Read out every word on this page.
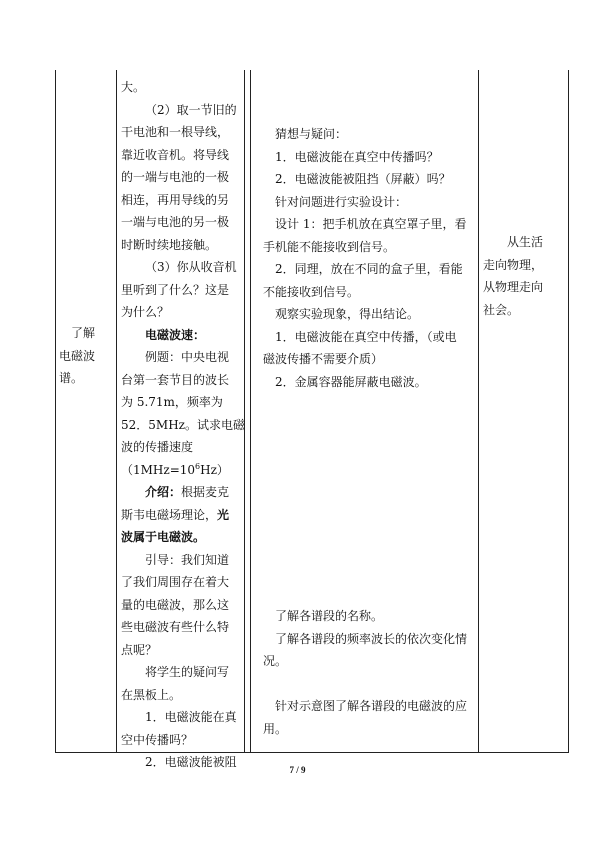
了解
电磁波
谱。
大。
（2）取一节旧的
干电池和一根导线，
靠近收音机。将导线
的一端与电池的一极
相连，再用导线的另
一端与电池的另一极
时断时续地接触。
（3）你从收音机
里听到了什么？这是
为什么？
电磁波速：
例题：中央电视
台第一套节目的波长
为 5.71m，频率为
52．5MHz。试求电磁
波的传播速度
$(1MHz=10^6Hz)$
介绍：根据麦克
斯韦电磁场理论，光
波属于电磁波。
引导：我们知道
了我们周围存在着大
量的电磁波，那么这
些电磁波有些什么特
点呢？
将学生的疑问写
在黑板上。
1．电磁波能在真
空中传播吗？
2．电磁波能被阻
猜想与疑问：
1．电磁波能在真空中传播吗？
2．电磁波能被阻挡（屏蔽）吗？
针对问题进行实验设计：
设计 1：把手机放在真空罩子里，看
手机能不能接收到信号。
2．同理，放在不同的盒子里，看能
不能接收到信号。
观察实验现象，得出结论。
1．电磁波能在真空中传播，（或电
磁波传播不需要介质）
2．金属容器能屏蔽电磁波。
了解各谱段的名称。
了解各谱段的频率波长的依次变化情
况。
针对示意图了解各谱段的电磁波的应
用。
从生活
走向物理，
从物理走向
社会。
7 / 9
